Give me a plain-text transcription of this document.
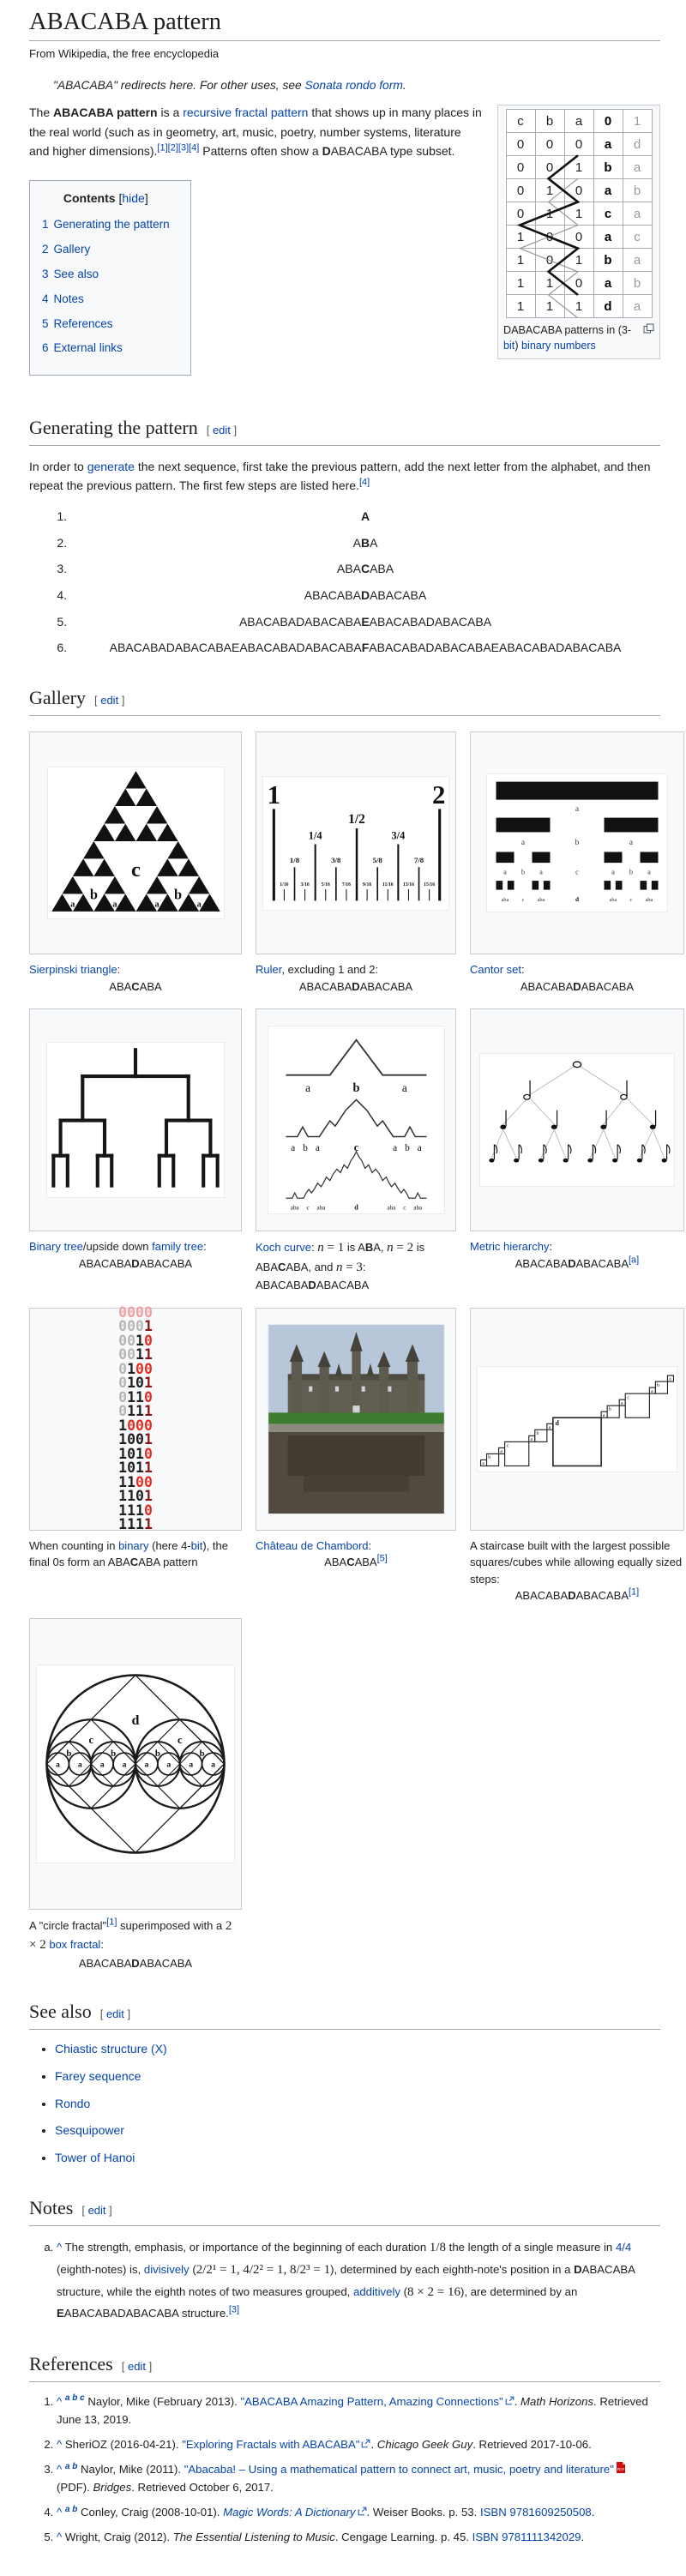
ABACABA pattern
From Wikipedia, the free encyclopedia
"ABACABA" redirects here. For other uses, see Sonata rondo form.
c	b	a	0	1
0	0	0	a	d
0	0	1	b	a
0	1	0	a	b
0	1	1	c	a
1	0	0	a	c
1	0	1	b	a
1	1	0	a	b
1	1	1	d	a
DABACABA patterns in (3-bit) binary numbers

The ABACABA pattern is a recursive fractal pattern that shows up in many places in the real world (such as in geometry, art, music, poetry, number systems, literature and higher dimensions).[1][2][3][4] Patterns often show a DABACABA type subset.

Contents [hide]
1 Generating the pattern
2 Gallery
3 See also
4 Notes
5 References
6 External links
Generating the pattern [ edit ]

In order to generate the next sequence, first take the previous pattern, add the next letter from the alphabet, and then repeat the previous pattern. The first few steps are listed here.[4]

1. A
2. ABA
3. ABACABA
4. ABACABADABACABA
5. ABACABADABACABAEABACABADABACABA
6. ABACABADABACABAEABACABADABACABAFABACABADABACABAEABACABADABACABA
Gallery [ edit ]
c
b	b
a	a	a	a
Sierpinski triangle:
ABACABA
1	2
1/2
1/4	3/4
1/8	3/8	5/8	7/8
1/16 3/16 5/16 7/16 9/16 11/16 13/16 15/16
Ruler, excluding 1 and 2:
ABACABADABACABA
a
a	b	a
a b a	c	a b a
aba	c	aba	d	aba	c	aba
Cantor set:
ABACABADABACABA
Binary tree/upside down family tree:
ABACABADABACABA
a	b	a
a b a	c	a b a
aba c aba	d	aba c aba
Koch curve: n = 1 is ABA, n = 2 is ABACABA, and n = 3: ABACABADABACABA
Metric hierarchy:
ABACABADABACABA[a]
0000
0001
0010
0011
0100
0101
0110
0111
1000
1001
1010
1011
1100
1101
1110
1111
When counting in binary (here 4-bit), the final 0s form an ABACABA pattern
Château de Chambord:
ABACABA[5]
a
b
a
c
a
b
a
d
a
b
a
c
a
b
a
A staircase built with the largest possible squares/cubes while allowing equally sized steps:
ABACABADABACABA[1]
d
c	c
b	b	b	b
a a a a a a a a
A "circle fractal"[1] superimposed with a 2 × 2 box fractal:
ABACABADABACABA
See also [ edit ]
• Chiastic structure (X)
• Farey sequence
• Rondo
• Sesquipower
• Tower of Hanoi
Notes [ edit ]
a. ^ The strength, emphasis, or importance of the beginning of each duration 1/8 the length of a single measure in 4/4 (eighth-notes) is, divisively (2/2¹ = 1, 4/2² = 1, 8/2³ = 1), determined by each eighth-note's position in a DABACABA structure, while the eighth notes of two measures grouped, additively (8 × 2 = 16), are determined by an EABACABADABACABA structure.[3]
References [ edit ]
1. ^ $^{a b c}$ Naylor, Mike (February 2013). "ABACABA Amazing Pattern, Amazing Connections" . Math Horizons. Retrieved June 13, 2019.
2. ^ SheriOZ (2016-04-21). "Exploring Fractals with ABACABA" . Chicago Geek Guy. Retrieved 2017-10-06.
3. ^ $^{a b}$ Naylor, Mike (2011). "Abacaba! – Using a mathematical pattern to connect art, music, poetry and literature" PDF
(PDF). Bridges. Retrieved October 6, 2017.
4. ^ $^{a b}$ Conley, Craig (2008-10-01). Magic Words: A Dictionary . Weiser Books. p. 53. ISBN 9781609250508.
5. ^ Wright, Craig (2012). The Essential Listening to Music. Cengage Learning. p. 45. ISBN 9781111342029.
